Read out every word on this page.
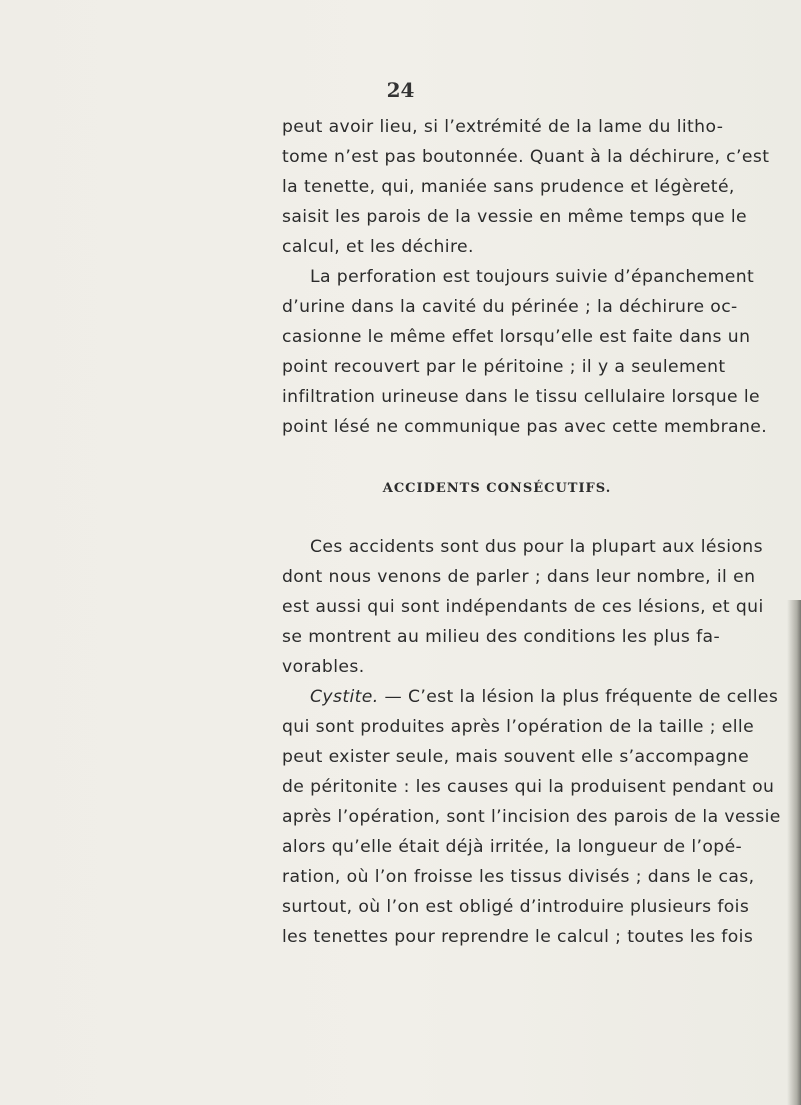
24
peut avoir lieu, si l’extrémité de la lame du litho-
tome n’est pas boutonnée. Quant à la déchirure, c’est
la tenette, qui, maniée sans prudence et légèreté,
saisit les parois de la vessie en même temps que le
calcul, et les déchire.
La perforation est toujours suivie d’épanchement
d’urine dans la cavité du périnée ; la déchirure oc-
casionne le même effet lorsqu’elle est faite dans un
point recouvert par le péritoine ; il y a seulement
infiltration urineuse dans le tissu cellulaire lorsque le
point lésé ne communique pas avec cette membrane.
ACCIDENTS CONSÉCUTIFS.
Ces accidents sont dus pour la plupart aux lésions
dont nous venons de parler ; dans leur nombre, il en
est aussi qui sont indépendants de ces lésions, et qui
se montrent au milieu des conditions les plus fa-
vorables.
Cystite. — C’est la lésion la plus fréquente de celles
qui sont produites après l’opération de la taille ; elle
peut exister seule, mais souvent elle s’accompagne
de péritonite : les causes qui la produisent pendant ou
après l’opération, sont l’incision des parois de la vessie
alors qu’elle était déjà irritée, la longueur de l’opé-
ration, où l’on froisse les tissus divisés ; dans le cas,
surtout, où l’on est obligé d’introduire plusieurs fois
les tenettes pour reprendre le calcul ; toutes les fois
